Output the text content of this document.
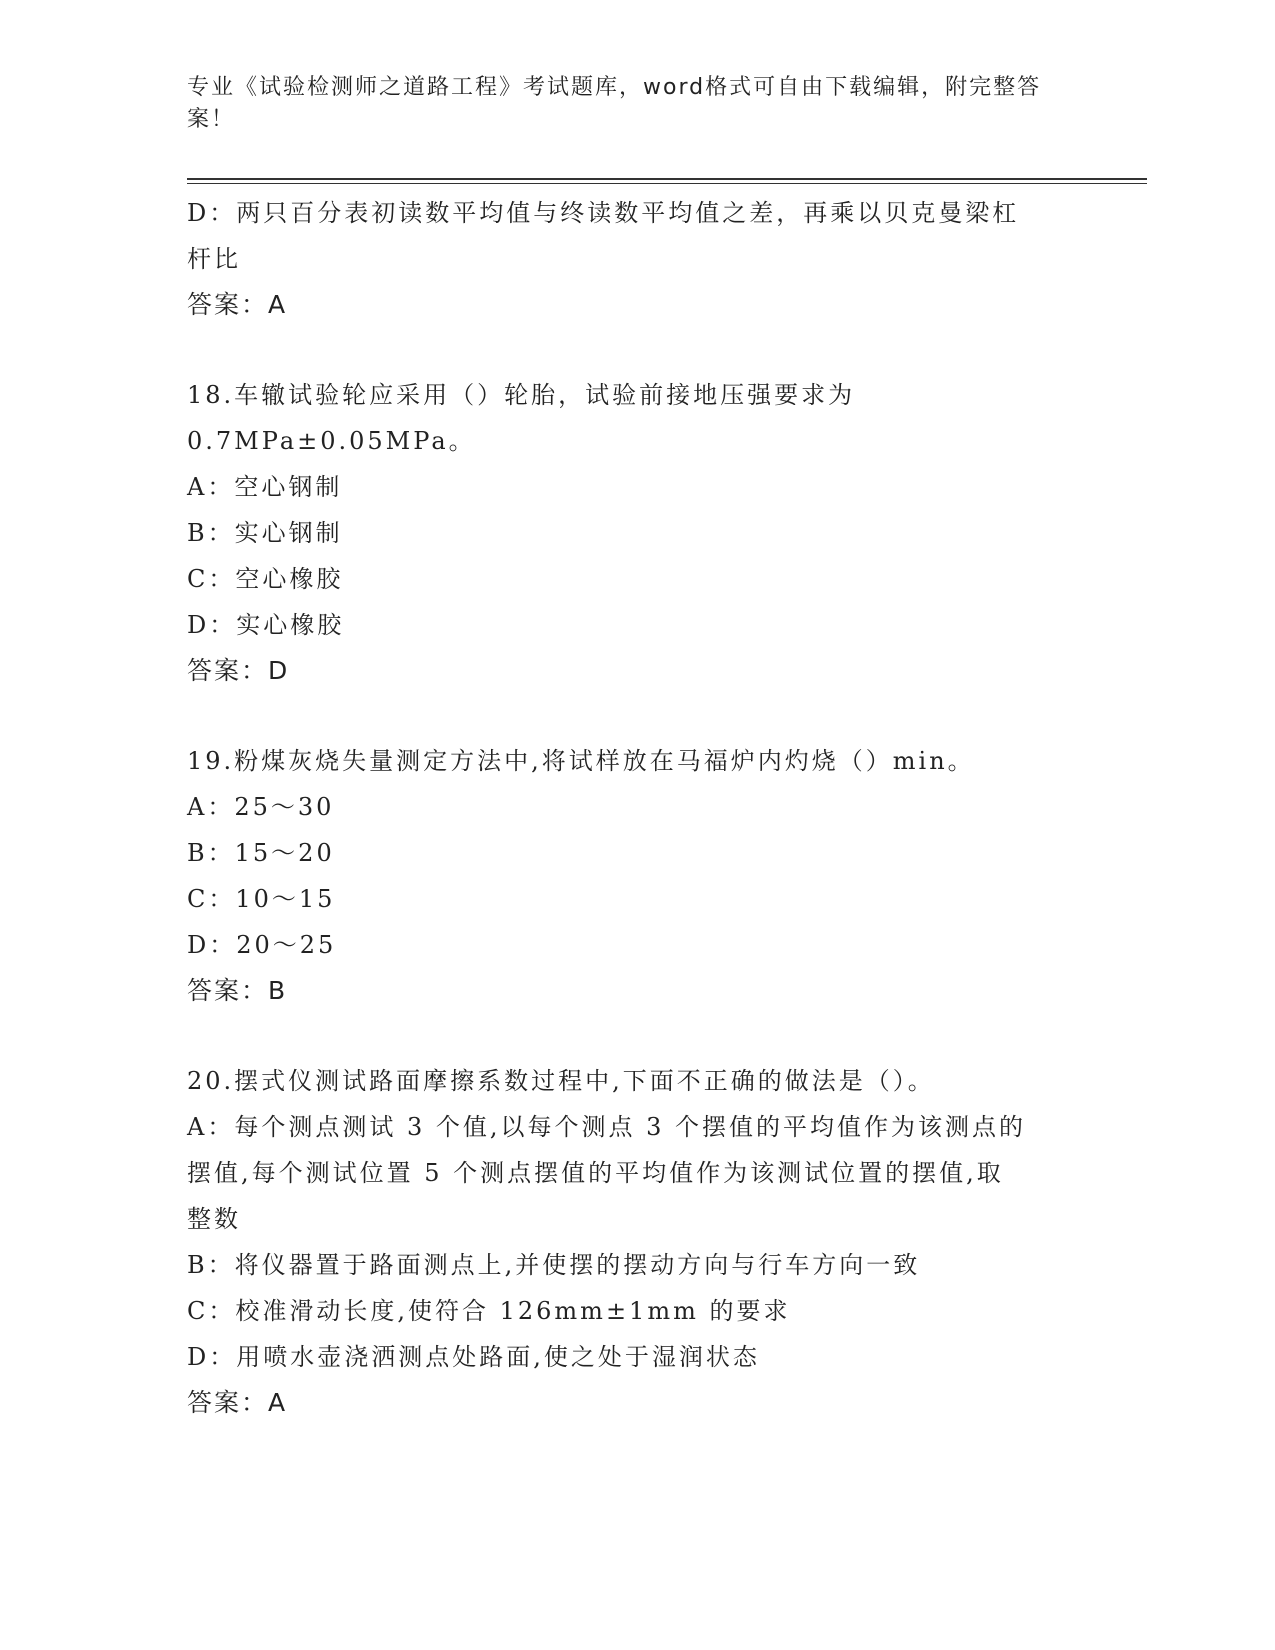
专业《试验检测师之道路工程》考试题库，word格式可自由下载编辑，附完整答
案！
D：两只百分表初读数平均值与终读数平均值之差，再乘以贝克曼梁杠
杆比
答案：A
18.车辙试验轮应采用（）轮胎，试验前接地压强要求为
0.7MPa±0.05MPa。
A：空心钢制
B：实心钢制
C：空心橡胶
D：实心橡胶
答案：D
19.粉煤灰烧失量测定方法中,将试样放在马福炉内灼烧（）min。
A：25～30
B：15～20
C：10～15
D：20～25
答案：B
20.摆式仪测试路面摩擦系数过程中,下面不正确的做法是（）。
A：每个测点测试 3 个值,以每个测点 3 个摆值的平均值作为该测点的
摆值,每个测试位置 5 个测点摆值的平均值作为该测试位置的摆值,取
整数
B：将仪器置于路面测点上,并使摆的摆动方向与行车方向一致
C：校准滑动长度,使符合 126mm±1mm 的要求
D：用喷水壶浇洒测点处路面,使之处于湿润状态
答案：A
